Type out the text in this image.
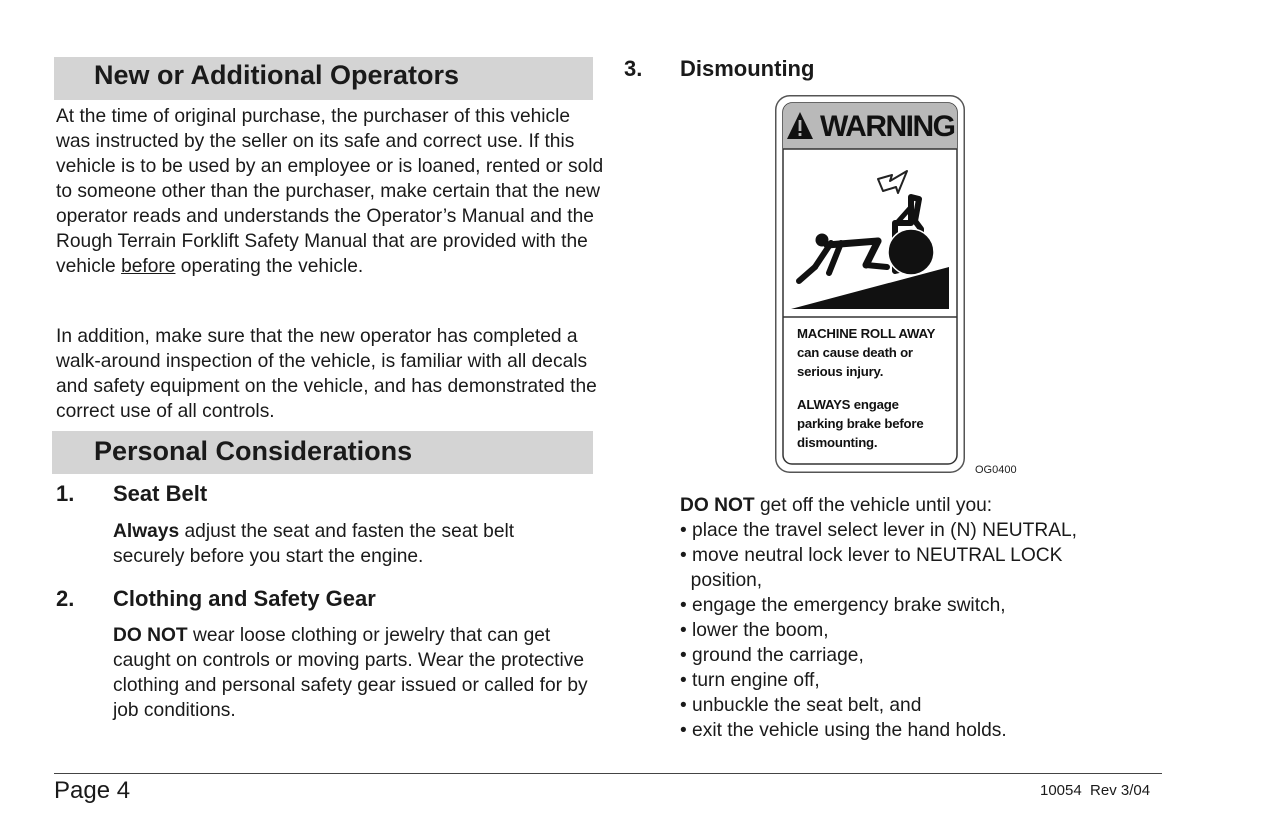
New or Additional Operators

At the time of original purchase, the purchaser of this vehicle was instructed by the seller on its safe and correct use. If this vehicle is to be used by an employee or is loaned, rented or sold to someone other than the purchaser, make certain that the new operator reads and understands the Operator’s Manual and the Rough Terrain Forklift Safety Manual that are provided with the vehicle before operating the vehicle.

In addition, make sure that the new operator has completed a walk-around inspection of the vehicle, is familiar with all decals and safety equipment on the vehicle, and has demonstrated the correct use of all controls.

Personal Considerations
1. Seat Belt

Always adjust the seat and fasten the seat belt securely before you start the engine.

2. Clothing and Safety Gear

DO NOT wear loose clothing or jewelry that can get caught on controls or moving parts. Wear the protective clothing and personal safety gear issued or called for by job conditions.

3. Dismounting
WARNING
MACHINE ROLL AWAY
can cause death or
serious injury.
ALWAYS engage
parking brake before
dismounting.
OG0400

DO NOT get off the vehicle until you:

• place the travel select lever in (N) NEUTRAL,
• move neutral lock lever to NEUTRAL LOCK
position,
• engage the emergency brake switch,
• lower the boom,
• ground the carriage,
• turn engine off,
• unbuckle the seat belt, and
• exit the vehicle using the hand holds.
Page 4	10054  Rev 3/04
